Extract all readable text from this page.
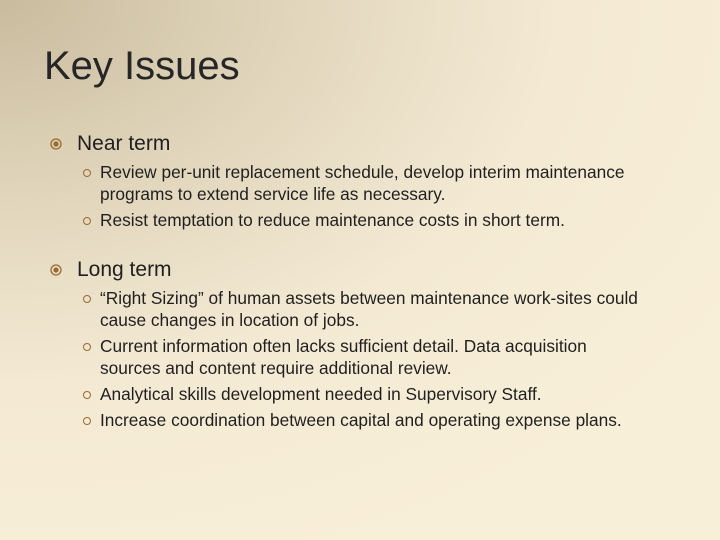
Key Issues
Near term
Review per-unit replacement schedule, develop interim maintenance programs to extend service life as necessary.
Resist temptation to reduce maintenance costs in short term.
Long term
“Right Sizing” of human assets between maintenance work-sites could cause changes in location of jobs.
Current information often lacks sufficient detail. Data acquisition sources and content require additional review.
Analytical skills development needed in Supervisory Staff.
Increase coordination between capital and operating expense plans.
